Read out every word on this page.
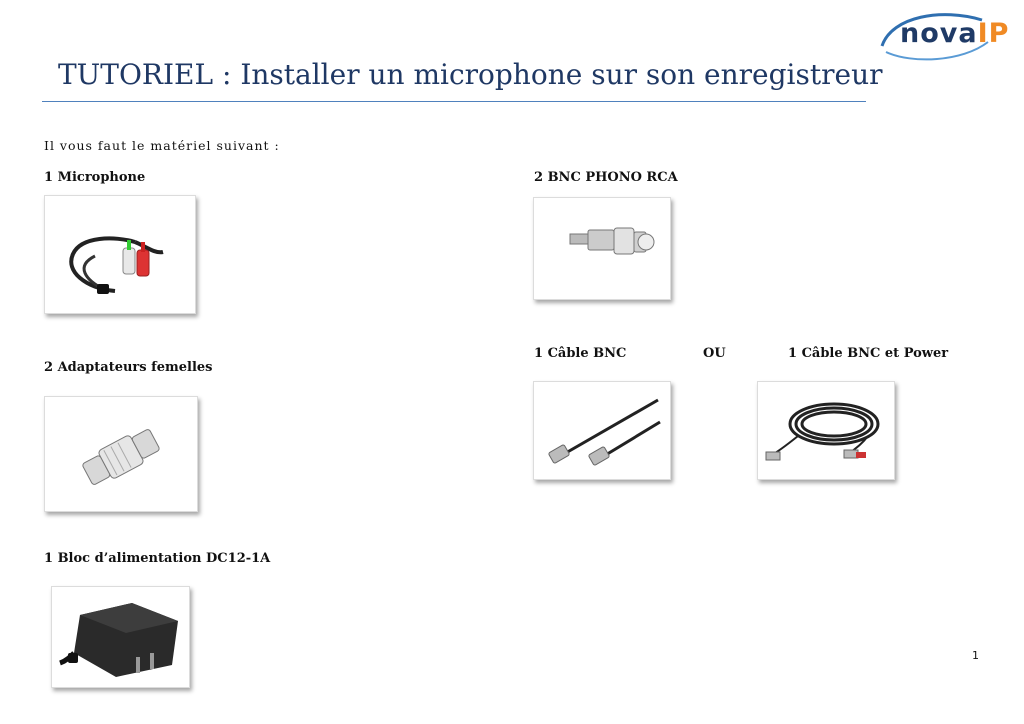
novaIP
TUTORIEL : Installer un microphone sur son enregistreur
Il vous faut le matériel suivant :
1 Microphone	2 BNC PHONO RCA
2 Adaptateurs femelles
1 Câble BNC	OU	1 Câble BNC et Power
1 Bloc d’alimentation DC12-1A
1
